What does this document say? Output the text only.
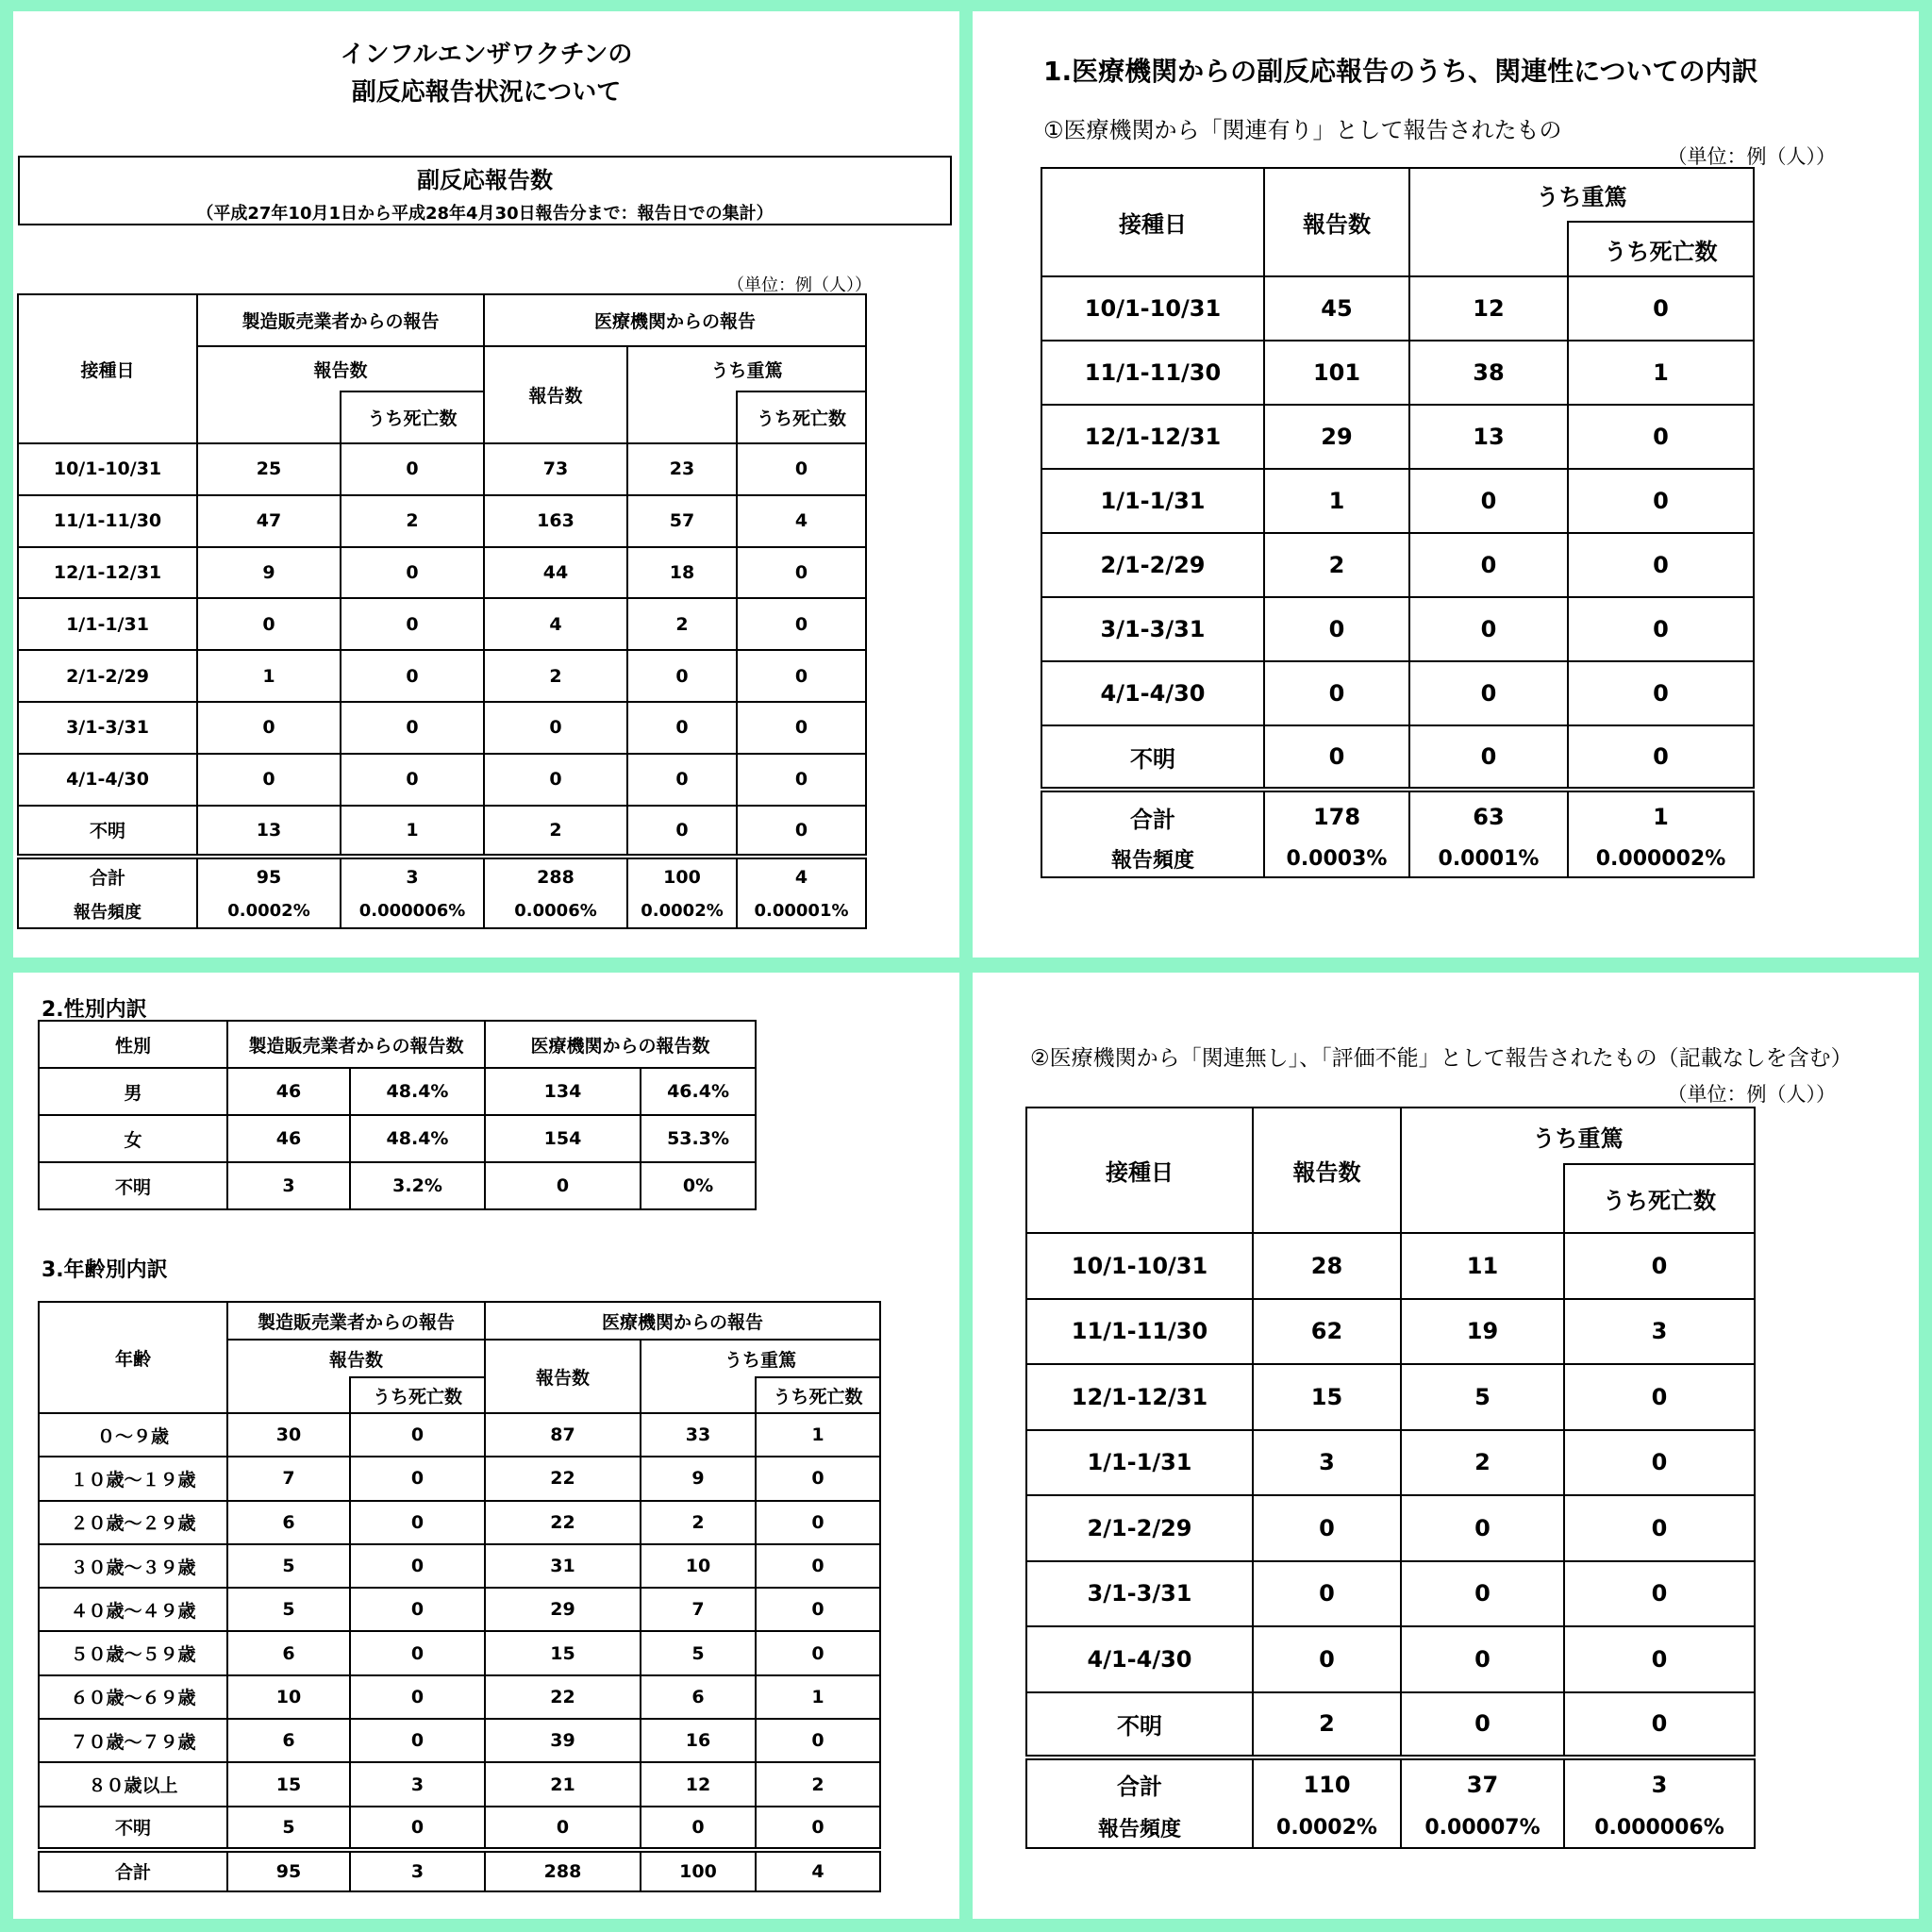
インフルエンザワクチンの
副反応報告状況について
副反応報告数
（平成27年10月1日から平成28年4月30日報告分まで：報告日での集計）
（単位：例（人））
接種日	製造販売業者からの報告		医療機関からの報告		
	報告数		報告数	うち重篤	
		うち死亡数			うち死亡数
10/1-10/31	25	0	73	23	0
11/1-11/30	47	2	163	57	4
12/1-12/31	9	0	44	18	0
1/1-1/31	0	0	4	2	0
2/1-2/29	1	0	2	0	0
3/1-3/31	0	0	0	0	0
4/1-4/30	0	0	0	0	0
不明	13	1	2	0	0
合計	95	3	288	100	4
報告頻度	0.0002%	0.000006%	0.0006%	0.0002%	0.00001%
1.医療機関からの副反応報告のうち、関連性についての内訳
①医療機関から「関連有り」として報告されたもの
（単位：例（人））
接種日	報告数	うち重篤	
			うち死亡数
10/1-10/31	45	12	0
11/1-11/30	101	38	1
12/1-12/31	29	13	0
1/1-1/31	1	0	0
2/1-2/29	2	0	0
3/1-3/31	0	0	0
4/1-4/30	0	0	0
不明	0	0	0
合計	178	63	1
報告頻度	0.0003%	0.0001%	0.000002%
2.性別内訳
性別	製造販売業者からの報告数		医療機関からの報告数	
男	46	48.4%	134	46.4%
女	46	48.4%	154	53.3%
不明	3	3.2%	0	0%
3.年齢別内訳
年齢	製造販売業者からの報告		医療機関からの報告		
	報告数		報告数	うち重篤	
		うち死亡数			うち死亡数
０～９歳	30	0	87	33	1
１０歳～１９歳	7	0	22	9	0
２０歳～２９歳	6	0	22	2	0
３０歳～３９歳	5	0	31	10	0
４０歳～４９歳	5	0	29	7	0
５０歳～５９歳	6	0	15	5	0
６０歳～６９歳	10	0	22	6	1
７０歳～７９歳	6	0	39	16	0
８０歳以上	15	3	21	12	2
不明	5	0	0	0	0
合計	95	3	288	100	4
②医療機関から「関連無し」、「評価不能」として報告されたもの（記載なしを含む）
（単位：例（人））
接種日	報告数	うち重篤	
			うち死亡数
10/1-10/31	28	11	0
11/1-11/30	62	19	3
12/1-12/31	15	5	0
1/1-1/31	3	2	0
2/1-2/29	0	0	0
3/1-3/31	0	0	0
4/1-4/30	0	0	0
不明	2	0	0
合計	110	37	3
報告頻度	0.0002%	0.00007%	0.000006%
